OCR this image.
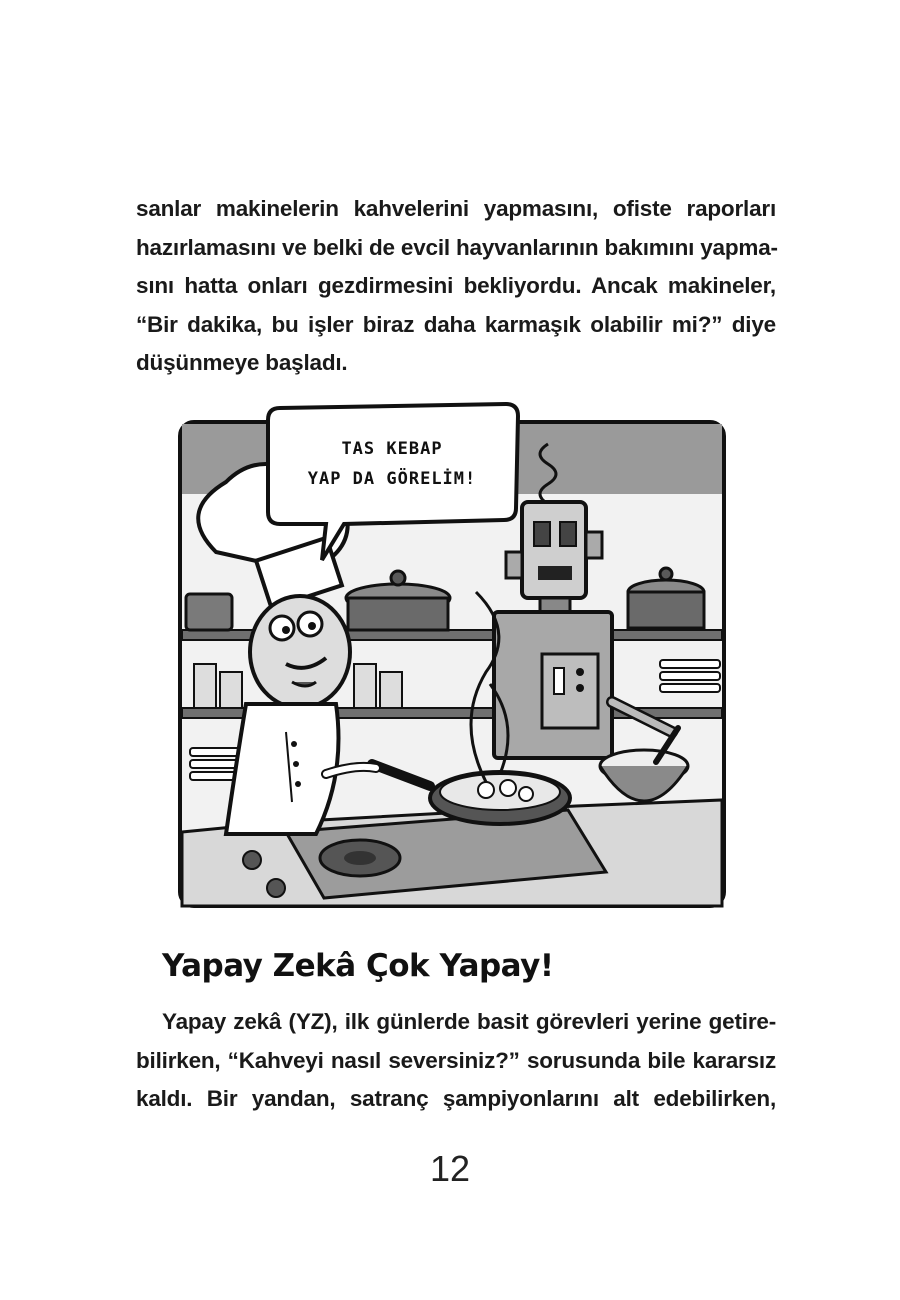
sanlar makinelerin kahvelerini yapmasını, ofiste raporları
hazırlamasını ve belki de evcil hayvanlarının bakımını yapma-
sını hatta onları gezdirmesini bekliyordu. Ancak makineler,
“Bir dakika, bu işler biraz daha karmaşık olabilir mi?” diye
düşünmeye başladı.
TAS KEBAP
YAP DA GÖRELİM!
Yapay Zekâ Çok Yapay!
Yapay zekâ (YZ), ilk günlerde basit görevleri yerine getire-
bilirken, “Kahveyi nasıl seversiniz?” sorusunda bile kararsız
kaldı. Bir yandan, satranç şampiyonlarını alt edebilirken,
12
